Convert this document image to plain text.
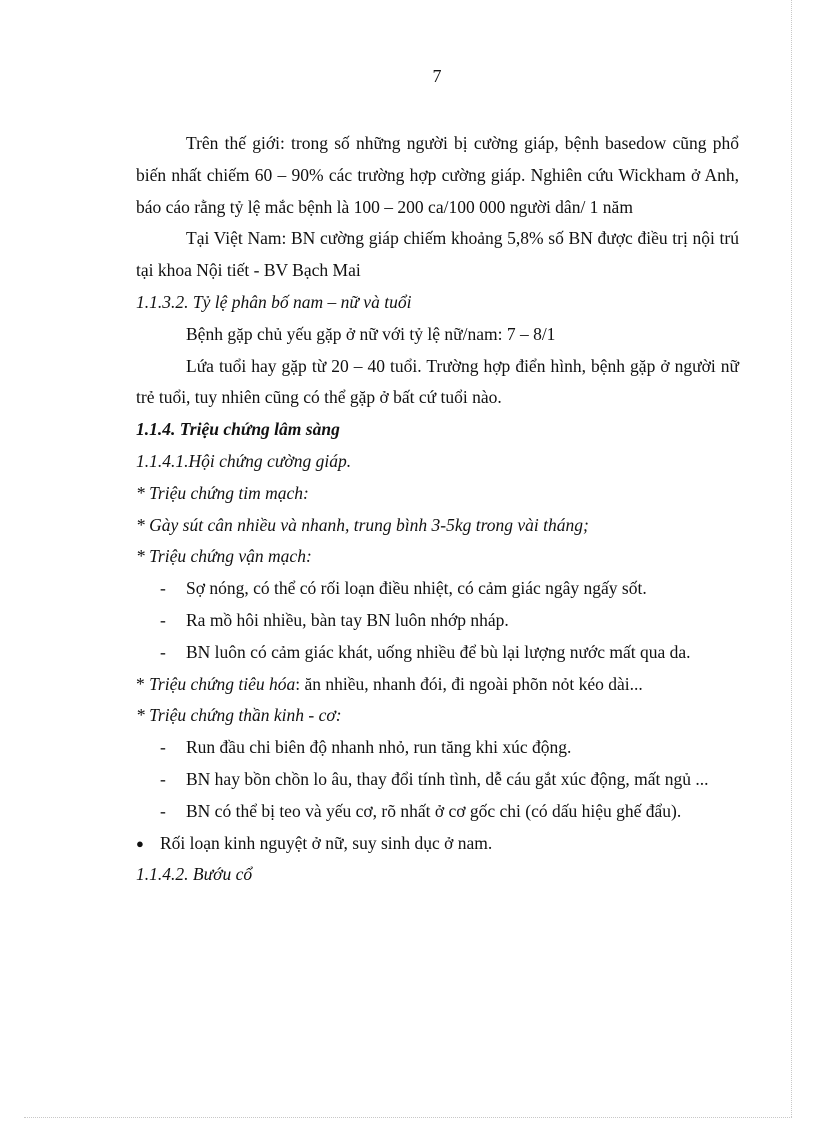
7

Trên thế giới: trong số những người bị cường giáp, bệnh basedow cũng phổ biến nhất chiếm 60 – 90% các trường hợp cường giáp. Nghiên cứu Wickham ở Anh, báo cáo rằng tỷ lệ mắc bệnh là 100 – 200 ca/100 000 người dân/ 1 năm

Tại Việt Nam: BN cường giáp chiếm khoảng 5,8% số BN được điều trị nội trú tại khoa Nội tiết - BV Bạch Mai

1.1.3.2. Tỷ lệ phân bố nam – nữ và tuổi

Bệnh gặp chủ yếu gặp ở nữ với tỷ lệ nữ/nam: 7 – 8/1

Lứa tuổi hay gặp từ 20 – 40 tuổi. Trường hợp điển hình, bệnh gặp ở người nữ trẻ tuổi, tuy nhiên cũng có thể gặp ở bất cứ tuổi nào.

1.1.4. Triệu chứng lâm sàng

1.1.4.1.Hội chứng cường giáp.

* Triệu chứng tim mạch:

* Gày sút cân nhiều và nhanh, trung bình 3-5kg trong vài tháng;

* Triệu chứng vận mạch:

- Sợ nóng, có thể có rối loạn điều nhiệt, có cảm giác ngây ngấy sốt.
- Ra mồ hôi nhiều, bàn tay BN luôn nhớp nháp.
- BN luôn có cảm giác khát, uống nhiều để bù lại lượng nước mất qua da.

* Triệu chứng tiêu hóa: ăn nhiều, nhanh đói, đi ngoài phõn nỏt kéo dài...

* Triệu chứng thần kinh - cơ:

- Run đầu chi biên độ nhanh nhỏ, run tăng khi xúc động.
- BN hay bồn chồn lo âu, thay đổi tính tình, dễ cáu gắt xúc động, mất ngủ ...
- BN có thể bị teo và yếu cơ, rõ nhất ở cơ gốc chi (có dấu hiệu ghế đẩu).
● Rối loạn kinh nguyệt ở nữ, suy sinh dục ở nam.

1.1.4.2. Bướu cổ
